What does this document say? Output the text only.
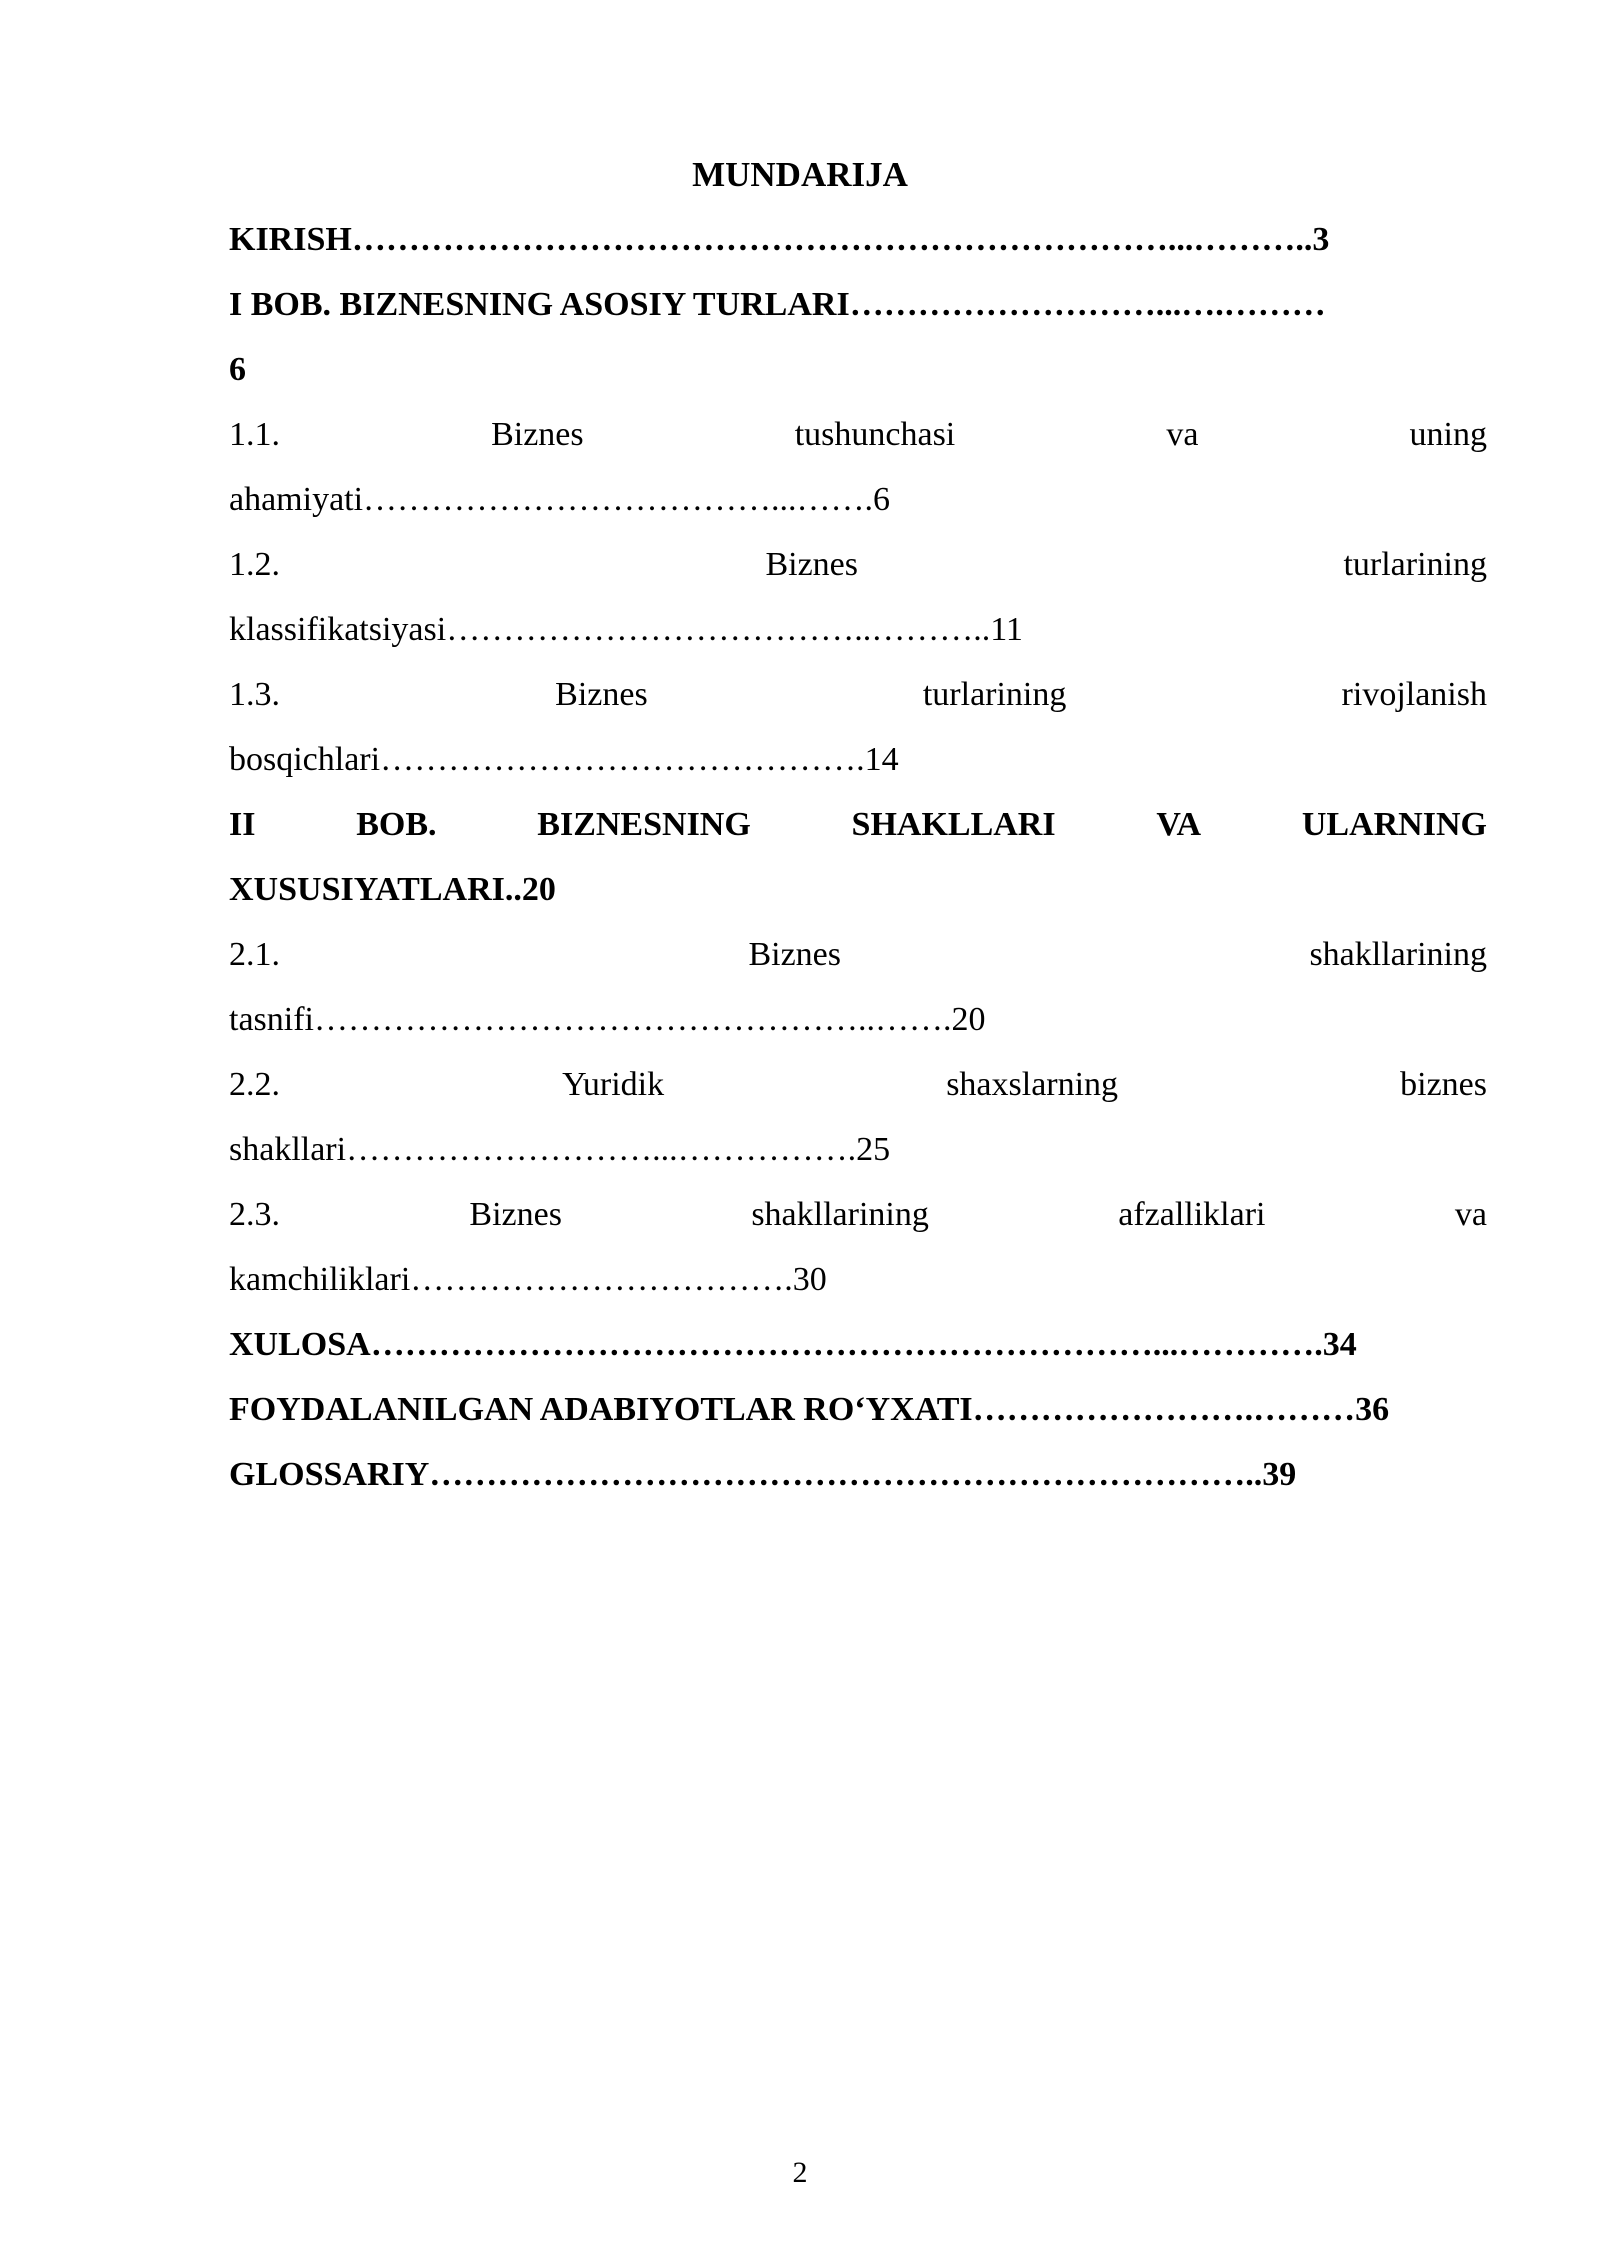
MUNDARIJA
KIRISH………………………………………………………………...………..3
I BOB. BIZNESNING ASOSIY TURLARI………………………...….………
6
1.1.	Biznes	tushunchasi	va	uning
ahamiyati………………………………...…….6
1.2.	Biznes	turlarining
klassifikatsiyasi………………………………..………..11
1.3.	Biznes	turlarining	rivojlanish
bosqichlari…………………………………….14
II	BOB.	BIZNESNING	SHAKLLARI	VA	ULARNING
XUSUSIYATLARI..20
2.1.	Biznes	shakllarining
tasnifi…………………………………………..…….20
2.2.	Yuridik	shaxslarning	biznes
shakllari………………………...…………….25
2.3.	Biznes	shakllarining	afzalliklari	va
kamchiliklari…………………………….30
XULOSA……………………………………………………………...………….34
FOYDALANILGAN ADABIYOTLAR RO‘YXATI…………………….………36
GLOSSARIY………………………………………………………………..39
2
